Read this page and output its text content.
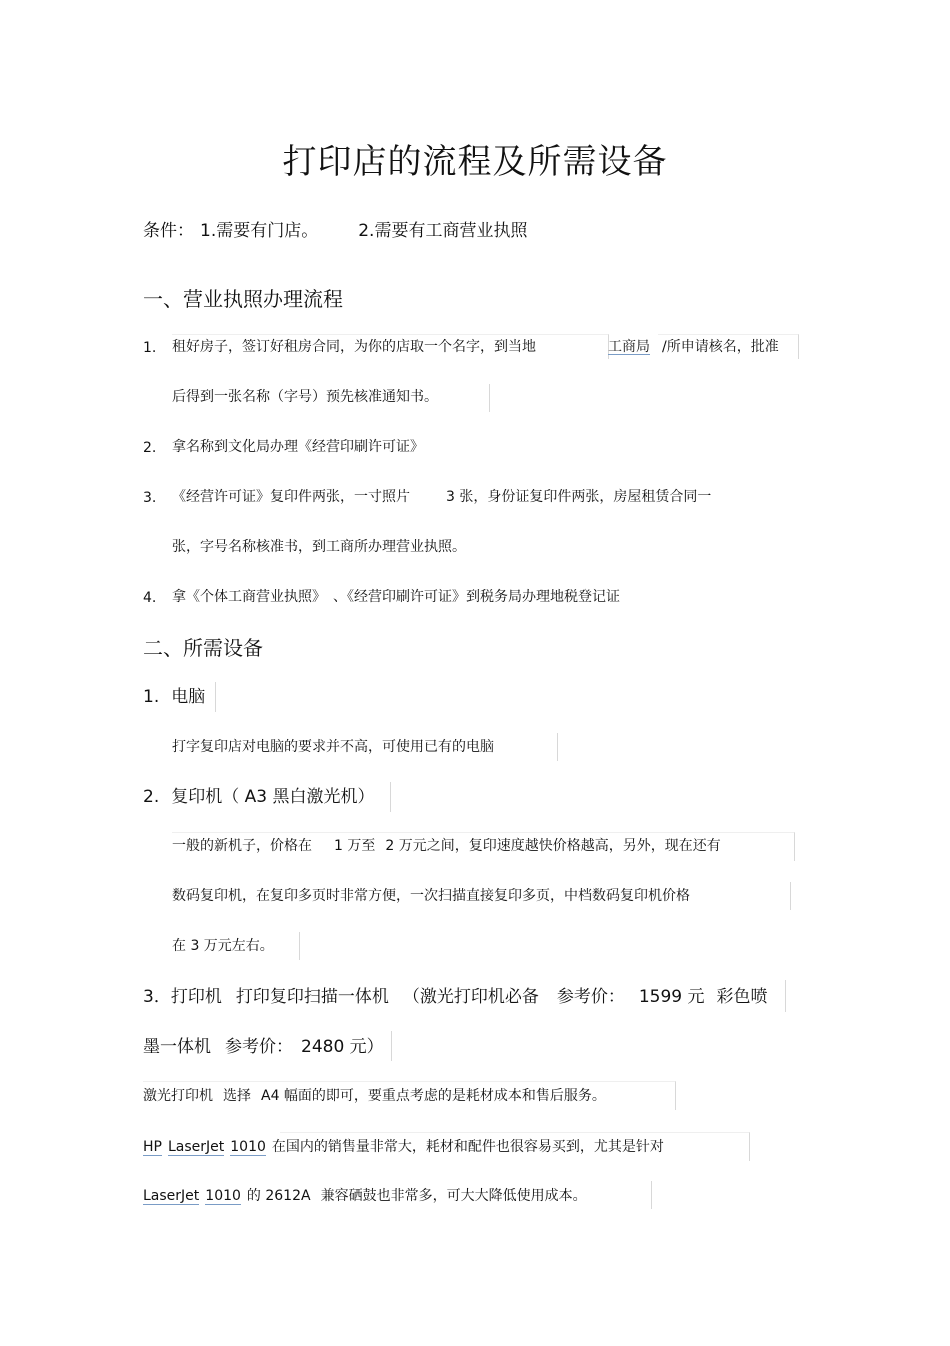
打印店的流程及所需设备
条件： 1.需要有门店。 2.需要有工商营业执照
一、营业执照办理流程
1. 租好房子，签订好租房合同，为你的店取一个名字，到当地	工商局 /所申请核名，批准
后得到一张名称（字号）预先核准通知书。
2. 拿名称到文化局办理《经营印刷许可证》
3. 《经营许可证》复印件两张，一寸照片	3 张，身份证复印件两张，房屋租赁合同一
张，字号名称核准书，到工商所办理营业执照。
4. 拿《个体工商营业执照》 、《经营印刷许可证》到税务局办理地税登记证
二、所需设备
1. 电脑
打字复印店对电脑的要求并不高，可使用已有的电脑
2. 复印机（ A3 黑白激光机）
一般的新机子，价格在 1 万至 2 万元之间，复印速度越快价格越高，另外，现在还有
数码复印机，在复印多页时非常方便，一次扫描直接复印多页，中档数码复印机价格
在 3 万元左右。
3．打印机 打印复印扫描一体机 （激光打印机必备 参考价： 1599 元 彩色喷
墨一体机 参考价： 2480 元）
激光打印机 选择 A4 幅面的即可，要重点考虑的是耗材成本和售后服务。
HP LaserJet 1010 在国内的销售量非常大，耗材和配件也很容易买到，尤其是针对
LaserJet 1010 的 2612A 兼容硒鼓也非常多，可大大降低使用成本。
